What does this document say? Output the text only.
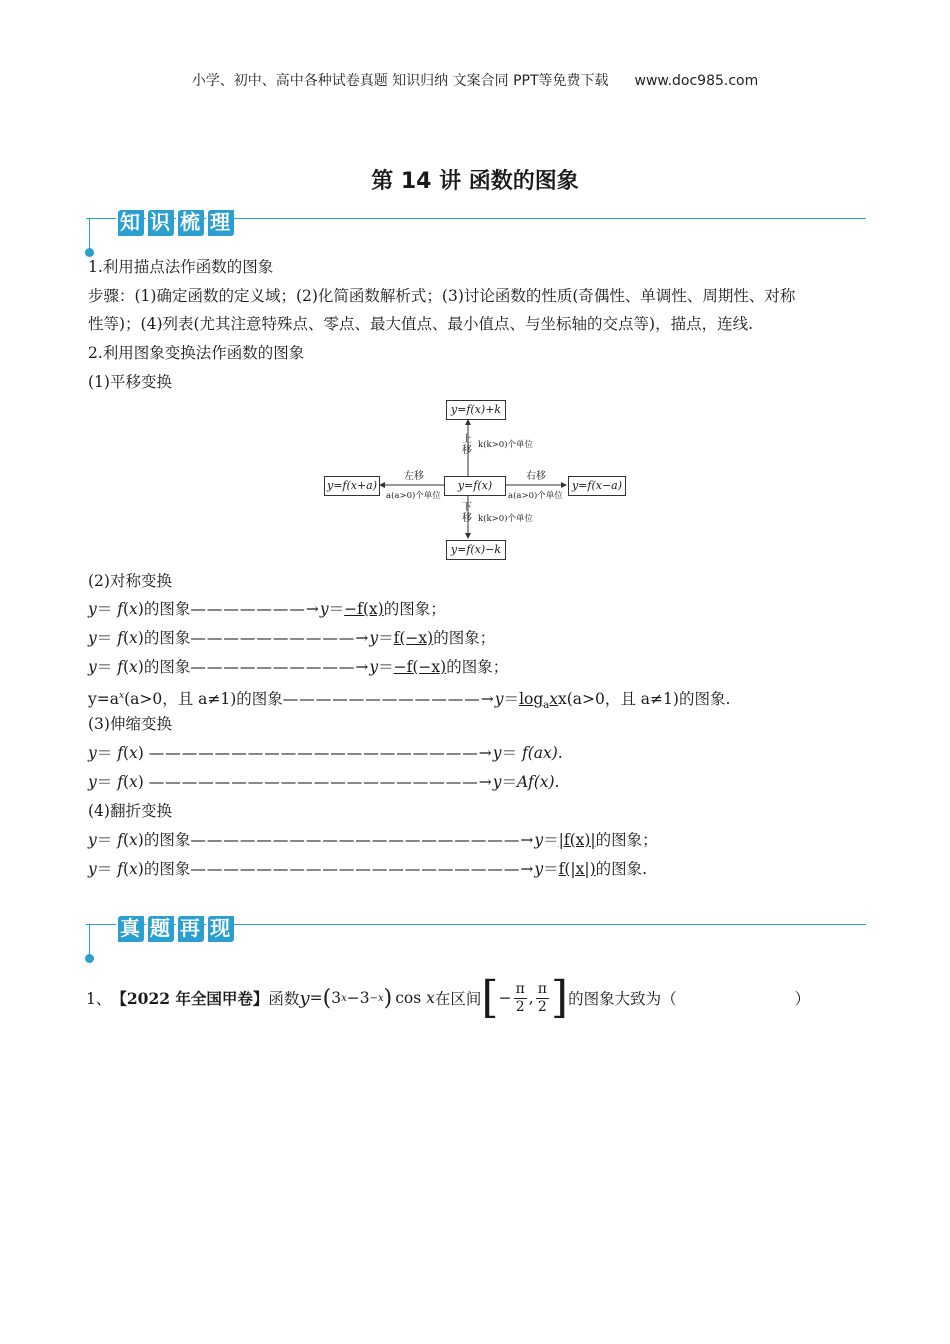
小学、初中、高中各种试卷真题 知识归纳 文案合同 PPT等免费下载 www.doc985.com
第 14 讲 函数的图象
知 识 梳 理
1.利用描点法作函数的图象
步骤：(1)确定函数的定义域；(2)化简函数解析式；(3)讨论函数的性质(奇偶性、单调性、周期性、对称
性等)；(4)列表(尤其注意特殊点、零点、最大值点、最小值点、与坐标轴的交点等)，描点，连线.
2.利用图象变换法作函数的图象
(1)平移变换
y=f(x)+k
y=f(x)
y=f(x)−k
y=f(x+a)	y=f(x−a)
上移 k(k>0)个单位
下移 k(k>0)个单位
左移
a(a>0)个单位
右移
a(a>0)个单位
(2)对称变换
y＝ f(x)的图象———————→y＝−f(x)的图象；
y＝ f(x)的图象——————————→y＝f(−x)的图象；
y＝ f(x)的图象——————————→y＝−f(−x)的图象；
$y=a^x(a>0$，且 a≠1)的图象$————————————\to y=\log_axx(a>0$，且 a≠1)的图象.
(3)伸缩变换
y＝ f(x) ————————————————————→y＝ f(ax).
y＝ f(x) ————————————————————→y＝Af(x).
(4)翻折变换
y＝ f(x)的图象————————————————————→y＝|f(x)|的图象；
y＝ f(x)的图象————————————————————→y＝f(|x|)的图象.
真 题 再 现
1、 【2022 年全国甲卷】 函数 y = ( 3 x − 3 −x ) cos
x 在区间 [ − $\frac{\pi}{2}$ , $\frac{\pi}{2}$ ] 的图象大致为（	）
